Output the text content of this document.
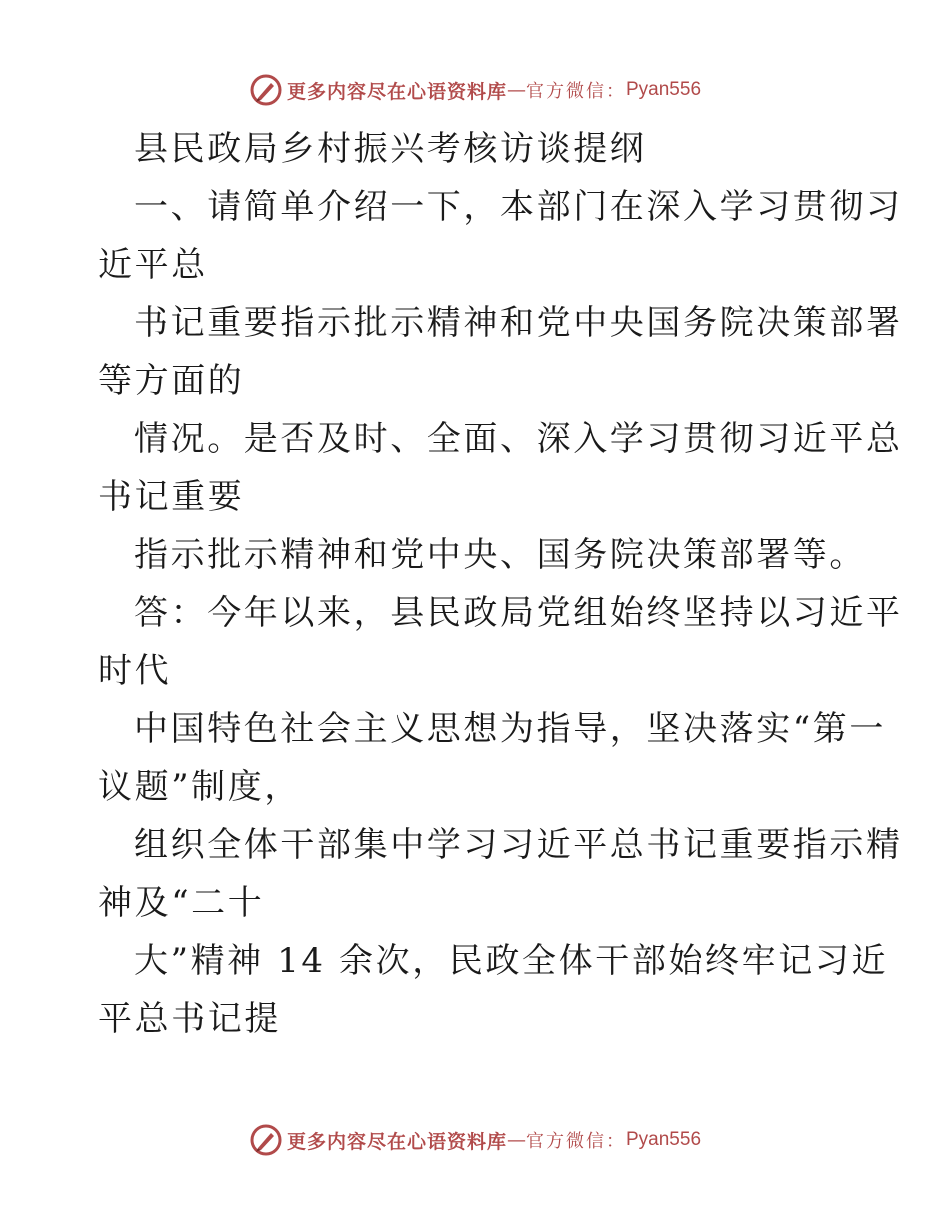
更多内容尽在心语资料库 — 官方微信： Pyan556
县民政局乡村振兴考核访谈提纲
一、请简单介绍一下，本部门在深入学习贯彻习
近平总
书记重要指示批示精神和党中央国务院决策部署
等方面的
情况。是否及时、全面、深入学习贯彻习近平总
书记重要
指示批示精神和党中央、国务院决策部署等。
答：今年以来，县民政局党组始终坚持以习近平
时代
中国特色社会主义思想为指导，坚决落实“第一
议题”制度，
组织全体干部集中学习习近平总书记重要指示精
神及“二十
大”精神 14 余次，民政全体干部始终牢记习近
平总书记提
更多内容尽在心语资料库 — 官方微信： Pyan556
